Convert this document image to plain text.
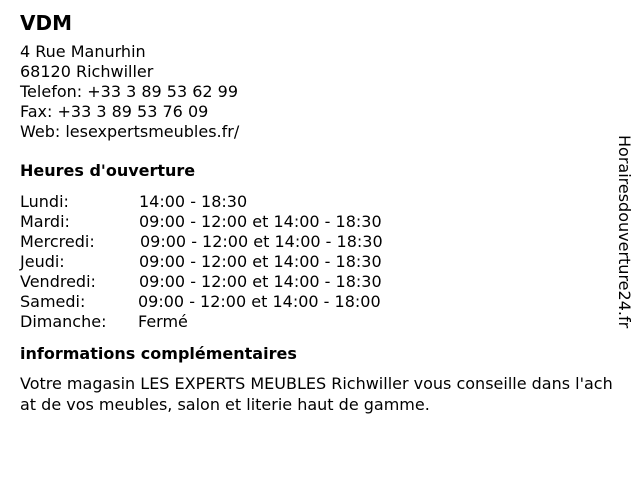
VDM
4 Rue Manurhin
68120 Richwiller
Telefon: +33 3 89 53 62 99
Fax: +33 3 89 53 76 09
Web: lesexpertsmeubles.fr/
Heures d'ouverture
Lundi:	14:00 - 18:30
Mardi:	09:00 - 12:00 et 14:00 - 18:30
Mercredi:	09:00 - 12:00 et 14:00 - 18:30
Jeudi:	09:00 - 12:00 et 14:00 - 18:30
Vendredi:	09:00 - 12:00 et 14:00 - 18:30
Samedi:	09:00 - 12:00 et 14:00 - 18:00
Dimanche: Fermé
informations complémentaires
Votre magasin LES EXPERTS MEUBLES Richwiller vous conseille dans l'achat de vos meubles, salon et literie haut de gamme.
Horairesdouverture24.fr
